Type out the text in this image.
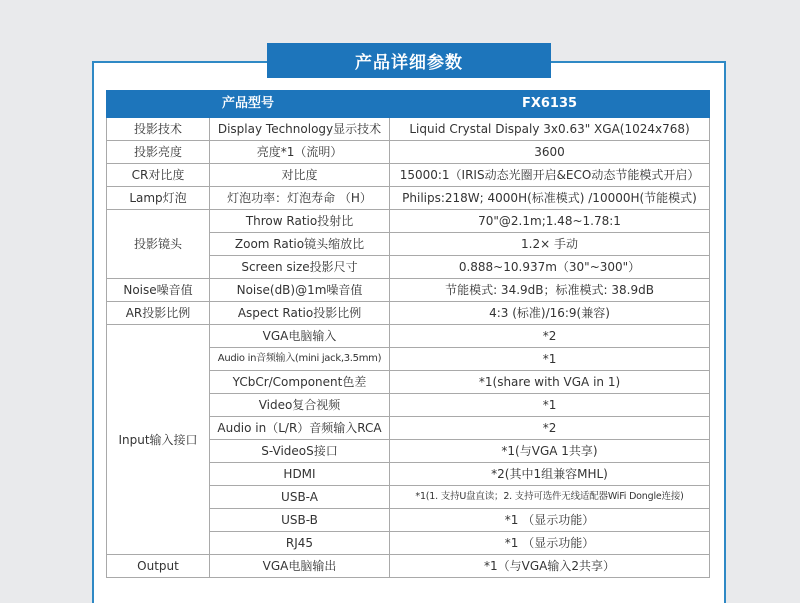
产品详细参数
产品型号		FX6135
投影技术	Display Technology显示技术	Liquid Crystal Dispaly 3x0.63" XGA(1024x768)
投影亮度	亮度*1（流明）	3600
CR对比度	对比度	15000:1（IRIS动态光圈开启&ECO动态节能模式开启）
Lamp灯泡	灯泡功率：灯泡寿命 （H）	Philips:218W; 4000H(标准模式) /10000H(节能模式)
投影镜头	Throw Ratio投射比	70"@2.1m;1.48~1.78:1
	Zoom Ratio镜头缩放比	1.2× 手动
	Screen size投影尺寸	0.888~10.937m（30"~300"）
Noise噪音值	Noise(dB)@1m噪音值	节能模式: 34.9dB；标准模式: 38.9dB
AR投影比例	Aspect Ratio投影比例	4:3 (标准)/16:9(兼容)
Input输入接口	VGA电脑输入	*2
	Audio in音频输入(mini jack,3.5mm)	*1
	YCbCr/Component色差	*1(share with VGA in 1)
	Video复合视频	*1
	Audio in（L/R）音频输入RCA	*2
	S-VideoS接口	*1(与VGA 1共享)
	HDMI	*2(其中1组兼容MHL)
	USB-A	*1(1. 支持U盘直读；2. 支持可选件无线适配器WiFi Dongle连接)
	USB-B	*1 （显示功能）
	RJ45	*1 （显示功能）
Output	VGA电脑输出	*1（与VGA输入2共享）
